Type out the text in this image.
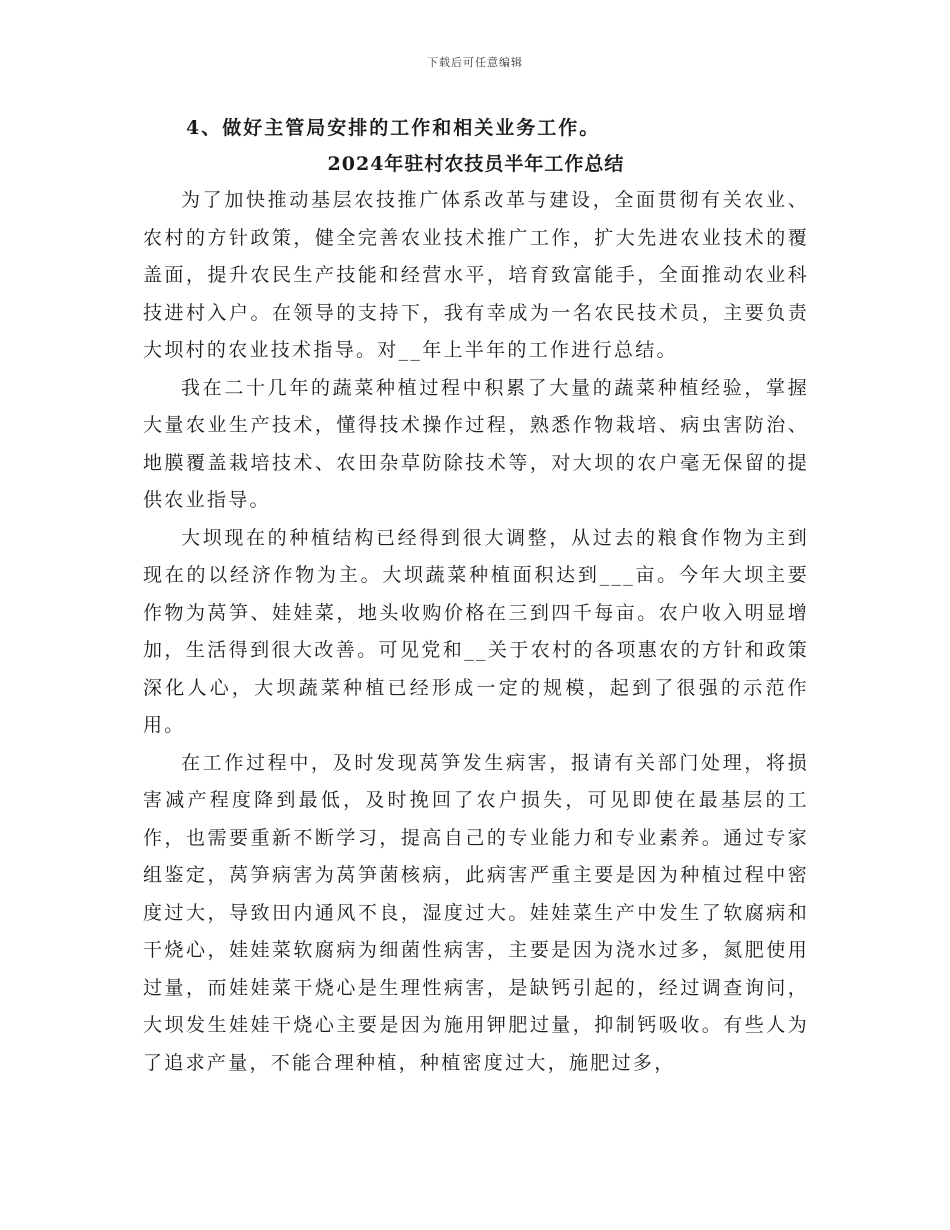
下载后可任意编辑

4、做好主管局安排的工作和相关业务工作。

2024年驻村农技员半年工作总结

为了加快推动基层农技推广体系改革与建设，全面贯彻有关农业、农村的方针政策，健全完善农业技术推广工作，扩大先进农业技术的覆盖面，提升农民生产技能和经营水平，培育致富能手，全面推动农业科技进村入户。在领导的支持下，我有幸成为一名农民技术员，主要负责大坝村的农业技术指导。对__年上半年的工作进行总结。

我在二十几年的蔬菜种植过程中积累了大量的蔬菜种植经验，掌握大量农业生产技术，懂得技术操作过程，熟悉作物栽培、病虫害防治、地膜覆盖栽培技术、农田杂草防除技术等，对大坝的农户毫无保留的提供农业指导。

大坝现在的种植结构已经得到很大调整，从过去的粮食作物为主到现在的以经济作物为主。大坝蔬菜种植面积达到___亩。今年大坝主要作物为莴笋、娃娃菜，地头收购价格在三到四千每亩。农户收入明显增加，生活得到很大改善。可见党和__关于农村的各项惠农的方针和政策深化人心，大坝蔬菜种植已经形成一定的规模，起到了很强的示范作用。

在工作过程中，及时发现莴笋发生病害，报请有关部门处理，将损害减产程度降到最低，及时挽回了农户损失，可见即使在最基层的工作，也需要重新不断学习，提高自己的专业能力和专业素养。通过专家组鉴定，莴笋病害为莴笋菌核病，此病害严重主要是因为种植过程中密度过大，导致田内通风不良，湿度过大。娃娃菜生产中发生了软腐病和干烧心，娃娃菜软腐病为细菌性病害，主要是因为浇水过多，氮肥使用过量，而娃娃菜干烧心是生理性病害，是缺钙引起的，经过调查询问，大坝发生娃娃干烧心主要是因为施用钾肥过量，抑制钙吸收。有些人为了追求产量，不能合理种植，种植密度过大，施肥过多，
